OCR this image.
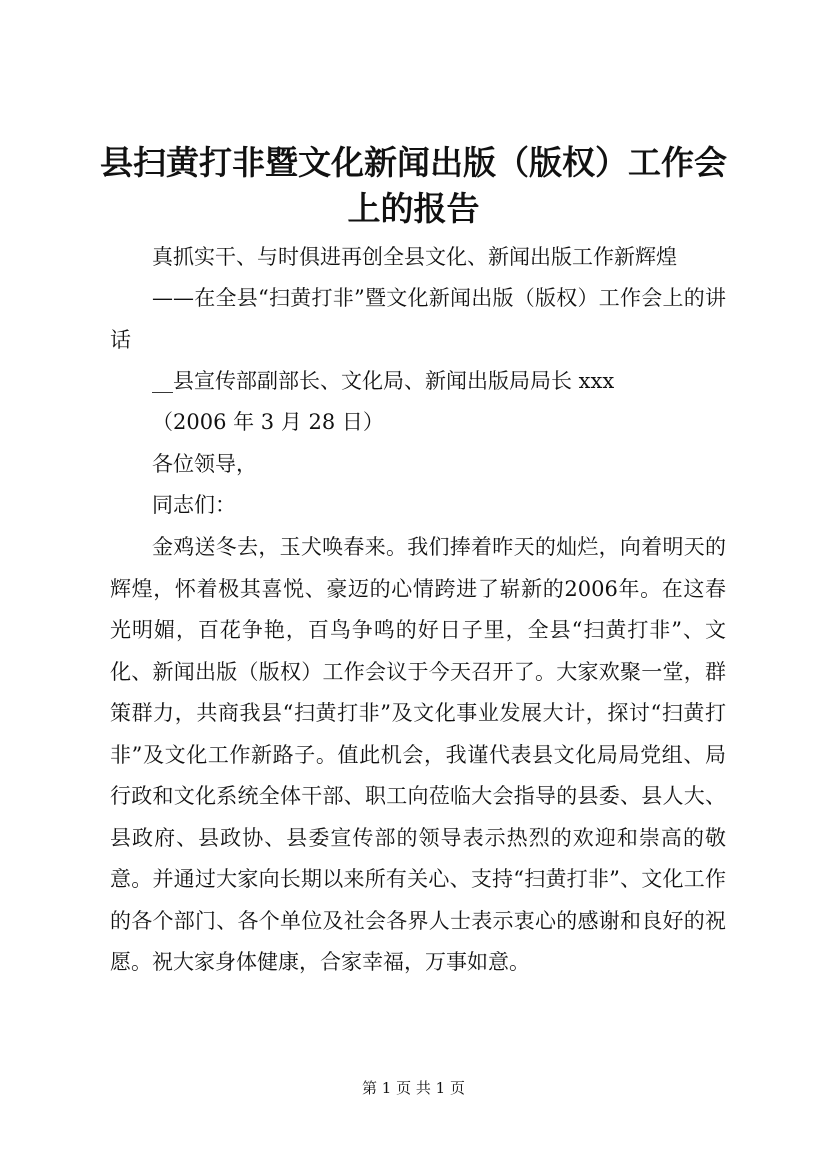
县扫黄打非暨文化新闻出版（版权）工作会上的报告

真抓实干、与时俱进再创全县文化、新闻出版工作新辉煌

——在全县“扫黄打非”暨文化新闻出版（版权）工作会上的讲话

__县宣传部副部长、文化局、新闻出版局局长 xxx

（2006 年 3 月 28 日）

各位领导，

同志们：

金鸡送冬去，玉犬唤春来。我们捧着昨天的灿烂，向着明天的辉煌，怀着极其喜悦、豪迈的心情跨进了崭新的2006年。在这春光明媚，百花争艳，百鸟争鸣的好日子里，全县“扫黄打非”、文化、新闻出版（版权）工作会议于今天召开了。大家欢聚一堂，群策群力，共商我县“扫黄打非”及文化事业发展大计，探讨“扫黄打非”及文化工作新路子。值此机会，我谨代表县文化局局党组、局行政和文化系统全体干部、职工向莅临大会指导的县委、县人大、县政府、县政协、县委宣传部的领导表示热烈的欢迎和崇高的敬意。并通过大家向长期以来所有关心、支持“扫黄打非”、文化工作的各个部门、各个单位及社会各界人士表示衷心的感谢和良好的祝愿。祝大家身体健康，合家幸福，万事如意。

第 1 页 共 1 页
